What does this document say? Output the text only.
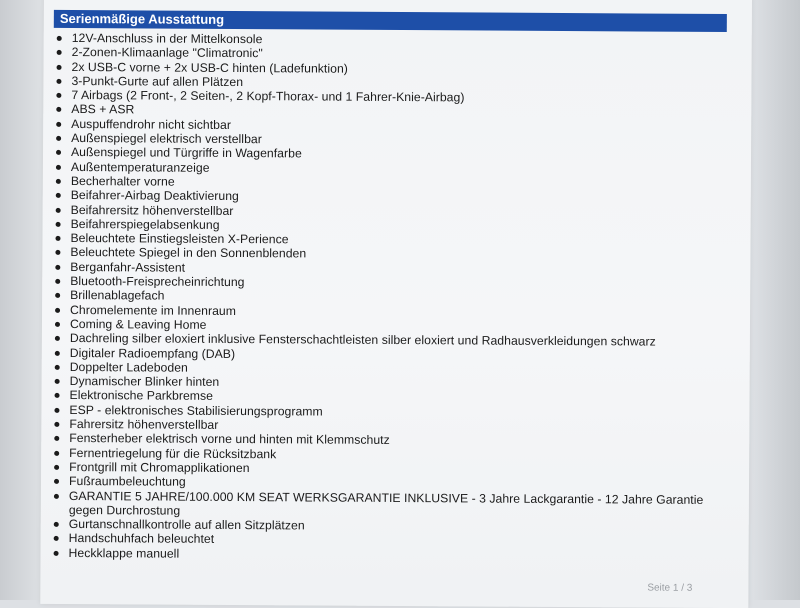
Serienmäßige Ausstattung
12V-Anschluss in der Mittelkonsole
2-Zonen-Klimaanlage "Climatronic"
2x USB-C vorne + 2x USB-C hinten (Ladefunktion)
3-Punkt-Gurte auf allen Plätzen
7 Airbags (2 Front-, 2 Seiten-, 2 Kopf-Thorax- und 1 Fahrer-Knie-Airbag)
ABS + ASR
Auspuffendrohr nicht sichtbar
Außenspiegel elektrisch verstellbar
Außenspiegel und Türgriffe in Wagenfarbe
Außentemperaturanzeige
Becherhalter vorne
Beifahrer-Airbag Deaktivierung
Beifahrersitz höhenverstellbar
Beifahrerspiegelabsenkung
Beleuchtete Einstiegsleisten X-Perience
Beleuchtete Spiegel in den Sonnenblenden
Berganfahr-Assistent
Bluetooth-Freisprecheinrichtung
Brillenablagefach
Chromelemente im Innenraum
Coming & Leaving Home
Dachreling silber eloxiert inklusive Fensterschachtleisten silber eloxiert und Radhausverkleidungen schwarz
Digitaler Radioempfang (DAB)
Doppelter Ladeboden
Dynamischer Blinker hinten
Elektronische Parkbremse
ESP - elektronisches Stabilisierungsprogramm
Fahrersitz höhenverstellbar
Fensterheber elektrisch vorne und hinten mit Klemmschutz
Fernentriegelung für die Rücksitzbank
Frontgrill mit Chromapplikationen
Fußraumbeleuchtung
GARANTIE 5 JAHRE/100.000 KM SEAT WERKSGARANTIE INKLUSIVE - 3 Jahre Lackgarantie - 12 Jahre Garantie gegen Durchrostung
Gurtanschnallkontrolle auf allen Sitzplätzen
Handschuhfach beleuchtet
Heckklappe manuell
Seite 1 / 3
